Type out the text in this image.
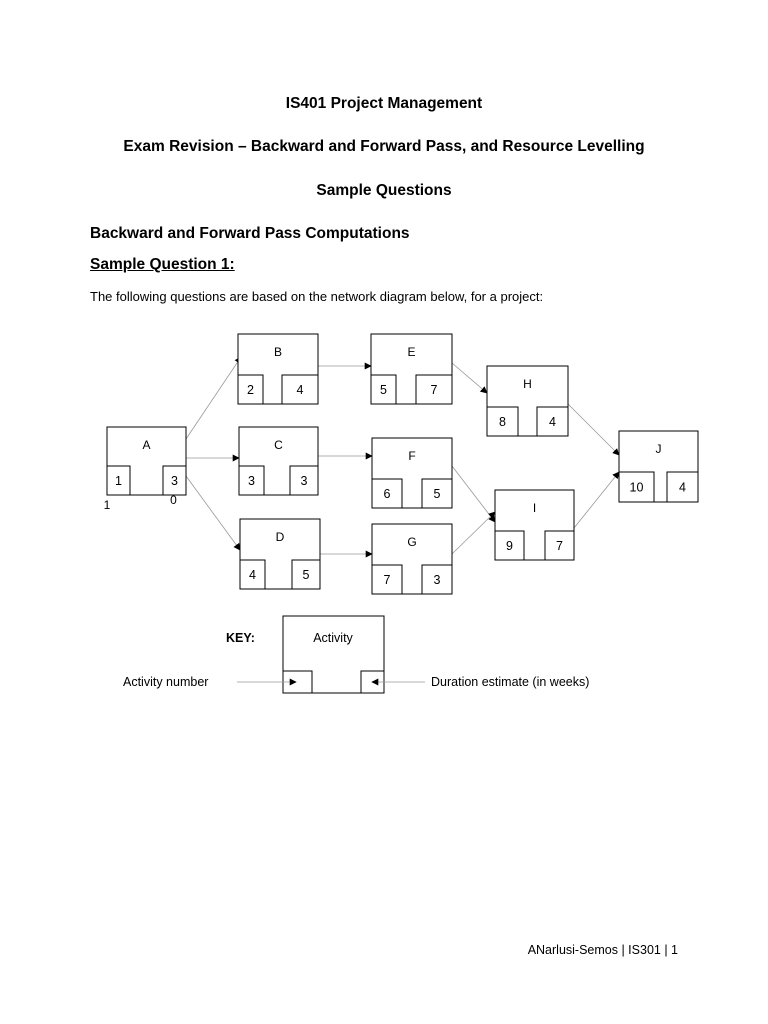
IS401 Project Management
Exam Revision – Backward and Forward Pass, and Resource Levelling
Sample Questions
Backward and Forward Pass Computations
Sample Question 1:
The following questions are based on the network diagram below, for a project:
A
1	3
1	0
B
2	4
C
3	3
D
4	5
E
5	7
F
6	5
G
7	3
H
8	4
I
9	7
J
10	4
KEY:	Activity
Activity number	Duration estimate (in weeks)
ANarlusi-Semos | IS301 | 1
